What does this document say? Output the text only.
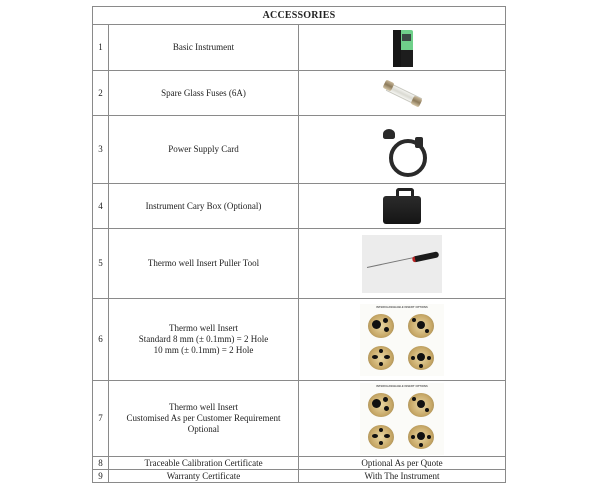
ACCESSORIES		
1	Basic Instrument	

2	Spare Glass Fuses (6A)	

3	Power Supply Card	

4	Instrument Cary Box (Optional)	

5	Thermo well Insert Puller Tool	

6	Thermo well Insert
Standard 8 mm (± 0.1mm) = 2 Hole
10 mm (± 0.1mm) = 2 Hole	INTERCHANGEABLE INSERT OPTIONS

7	Thermo well Insert
Customised As per Customer Requirement
Optional	INTERCHANGEABLE INSERT OPTIONS

8	Traceable Calibration Certificate	Optional As per Quote
9	Warranty Certificate	With The Instrument
